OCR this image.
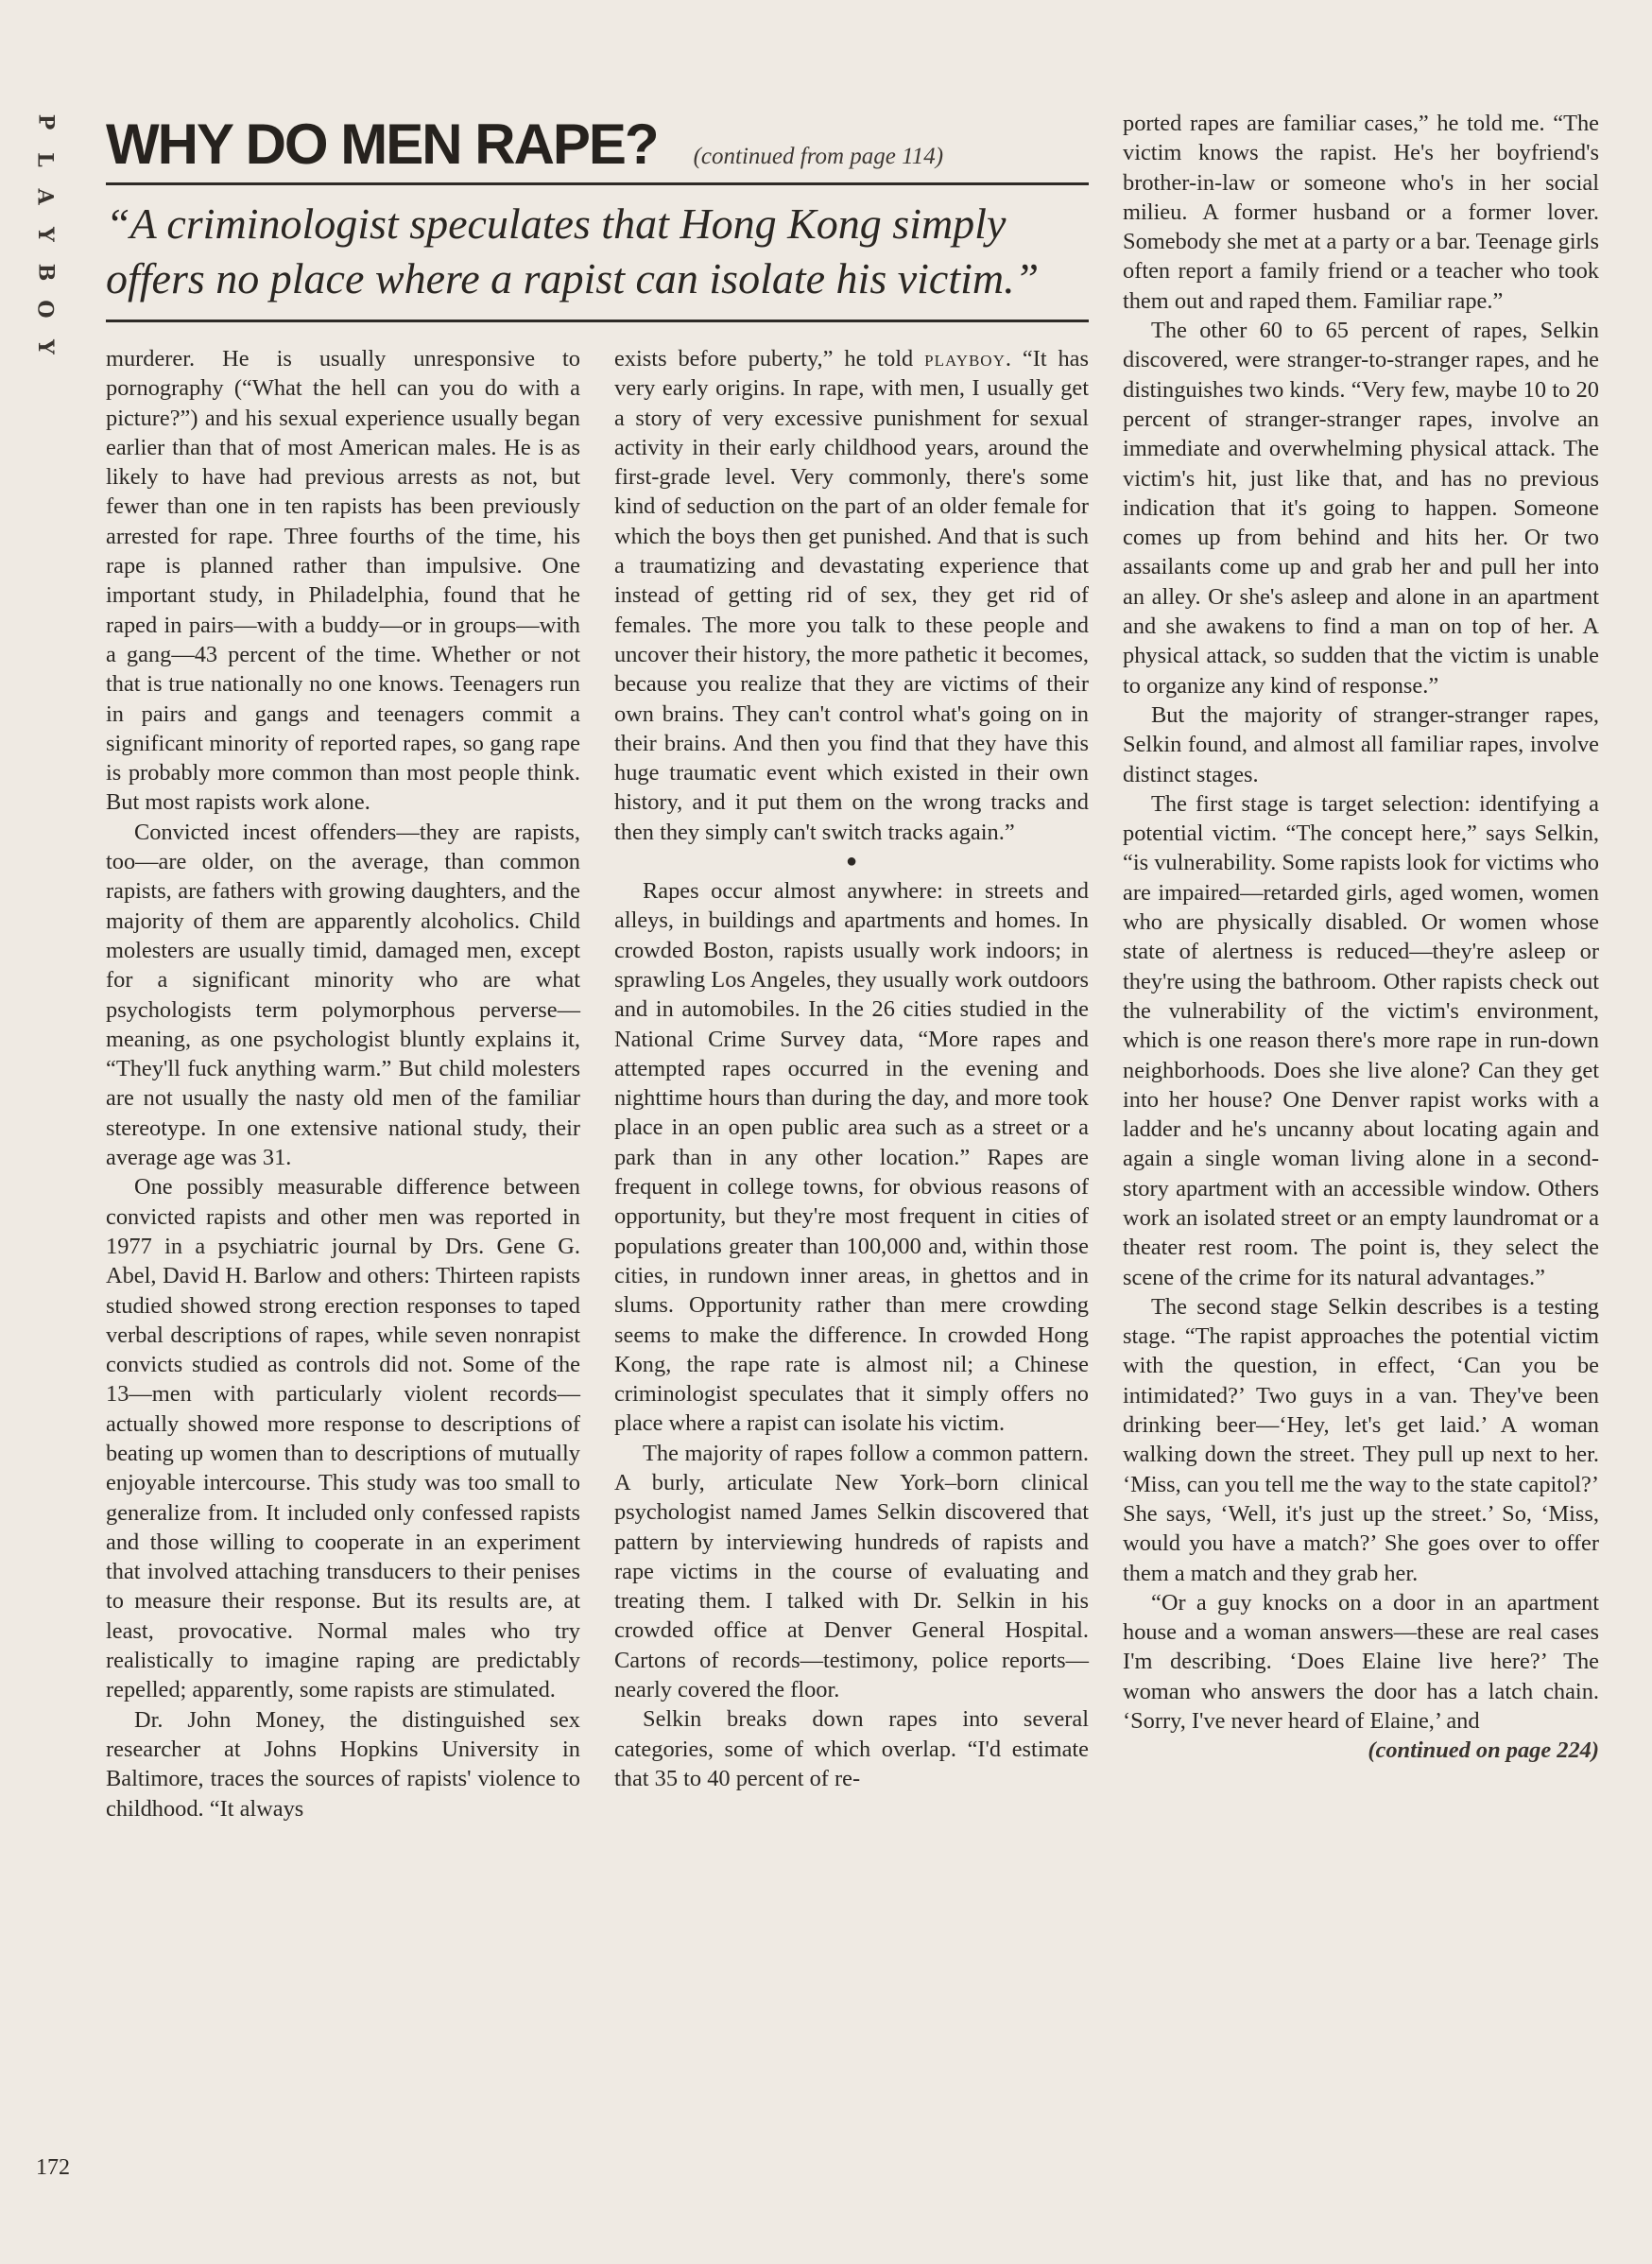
P
L
A
Y
B
O
Y
WHY DO MEN RAPE? (continued from page 114)

“A criminologist speculates that Hong Kong simply offers no place where a rapist can isolate his victim.”

murderer. He is usually unresponsive to pornography (“What the hell can you do with a picture?”) and his sexual experience usually began earlier than that of most American males. He is as likely to have had previous arrests as not, but fewer than one in ten rapists has been previously arrested for rape. Three fourths of the time, his rape is planned rather than impulsive. One important study, in Philadelphia, found that he raped in pairs—with a buddy—or in groups—with a gang—43 percent of the time. Whether or not that is true nationally no one knows. Teenagers run in pairs and gangs and teenagers commit a significant minority of reported rapes, so gang rape is probably more common than most people think. But most rapists work alone.

Convicted incest offenders—they are rapists, too—are older, on the average, than common rapists, are fathers with growing daughters, and the majority of them are apparently alcoholics. Child molesters are usually timid, damaged men, except for a significant minority who are what psychologists term polymorphous perverse—meaning, as one psychologist bluntly explains it, “They'll fuck anything warm.” But child molesters are not usually the nasty old men of the familiar stereotype. In one extensive national study, their average age was 31.

One possibly measurable difference between convicted rapists and other men was reported in 1977 in a psychiatric journal by Drs. Gene G. Abel, David H. Barlow and others: Thirteen rapists studied showed strong erection responses to taped verbal descriptions of rapes, while seven nonrapist convicts studied as controls did not. Some of the 13—men with particularly violent records—actually showed more response to descriptions of beating up women than to descriptions of mutually enjoyable intercourse. This study was too small to generalize from. It included only confessed rapists and those willing to cooperate in an experiment that involved attaching transducers to their penises to measure their response. But its results are, at least, provocative. Normal males who try realistically to imagine raping are predictably repelled; apparently, some rapists are stimulated.

Dr. John Money, the distinguished sex researcher at Johns Hopkins University in Baltimore, traces the sources of rapists' violence to childhood. “It always

exists before puberty,” he told playboy. “It has very early origins. In rape, with men, I usually get a story of very excessive punishment for sexual activity in their early childhood years, around the first-grade level. Very commonly, there's some kind of seduction on the part of an older female for which the boys then get punished. And that is such a traumatizing and devastating experience that instead of getting rid of sex, they get rid of females. The more you talk to these people and uncover their history, the more pathetic it becomes, because you realize that they are victims of their own brains. They can't control what's going on in their brains. And then you find that they have this huge traumatic event which existed in their own history, and it put them on the wrong tracks and then they simply can't switch tracks again.”

●

Rapes occur almost anywhere: in streets and alleys, in buildings and apartments and homes. In crowded Boston, rapists usually work indoors; in sprawling Los Angeles, they usually work outdoors and in automobiles. In the 26 cities studied in the National Crime Survey data, “More rapes and attempted rapes occurred in the evening and nighttime hours than during the day, and more took place in an open public area such as a street or a park than in any other location.” Rapes are frequent in college towns, for obvious reasons of opportunity, but they're most frequent in cities of populations greater than 100,000 and, within those cities, in rundown inner areas, in ghettos and in slums. Opportunity rather than mere crowding seems to make the difference. In crowded Hong Kong, the rape rate is almost nil; a Chinese criminologist speculates that it simply offers no place where a rapist can isolate his victim.

The majority of rapes follow a common pattern. A burly, articulate New York–born clinical psychologist named James Selkin discovered that pattern by interviewing hundreds of rapists and rape victims in the course of evaluating and treating them. I talked with Dr. Selkin in his crowded office at Denver General Hospital. Cartons of records—testimony, police reports—nearly covered the floor.

Selkin breaks down rapes into several categories, some of which overlap. “I'd estimate that 35 to 40 percent of re-

ported rapes are familiar cases,” he told me. “The victim knows the rapist. He's her boyfriend's brother-in-law or someone who's in her social milieu. A former husband or a former lover. Somebody she met at a party or a bar. Teenage girls often report a family friend or a teacher who took them out and raped them. Familiar rape.”

The other 60 to 65 percent of rapes, Selkin discovered, were stranger-to-stranger rapes, and he distinguishes two kinds. “Very few, maybe 10 to 20 percent of stranger-stranger rapes, involve an immediate and overwhelming physical attack. The victim's hit, just like that, and has no previous indication that it's going to happen. Someone comes up from behind and hits her. Or two assailants come up and grab her and pull her into an alley. Or she's asleep and alone in an apartment and she awakens to find a man on top of her. A physical attack, so sudden that the victim is unable to organize any kind of response.”

But the majority of stranger-stranger rapes, Selkin found, and almost all familiar rapes, involve distinct stages.

The first stage is target selection: identifying a potential victim. “The concept here,” says Selkin, “is vulnerability. Some rapists look for victims who are impaired—retarded girls, aged women, women who are physically disabled. Or women whose state of alertness is reduced—they're asleep or they're using the bathroom. Other rapists check out the vulnerability of the victim's environment, which is one reason there's more rape in run-down neighborhoods. Does she live alone? Can they get into her house? One Denver rapist works with a ladder and he's uncanny about locating again and again a single woman living alone in a second-story apartment with an accessible window. Others work an isolated street or an empty laundromat or a theater rest room. The point is, they select the scene of the crime for its natural advantages.”

The second stage Selkin describes is a testing stage. “The rapist approaches the potential victim with the question, in effect, ‘Can you be intimidated?’ Two guys in a van. They've been drinking beer—‘Hey, let's get laid.’ A woman walking down the street. They pull up next to her. ‘Miss, can you tell me the way to the state capitol?’ She says, ‘Well, it's just up the street.’ So, ‘Miss, would you have a match?’ She goes over to offer them a match and they grab her.

“Or a guy knocks on a door in an apartment house and a woman answers—these are real cases I'm describing. ‘Does Elaine live here?’ The woman who answers the door has a latch chain. ‘Sorry, I've never heard of Elaine,’ and

(continued on page 224)

172
